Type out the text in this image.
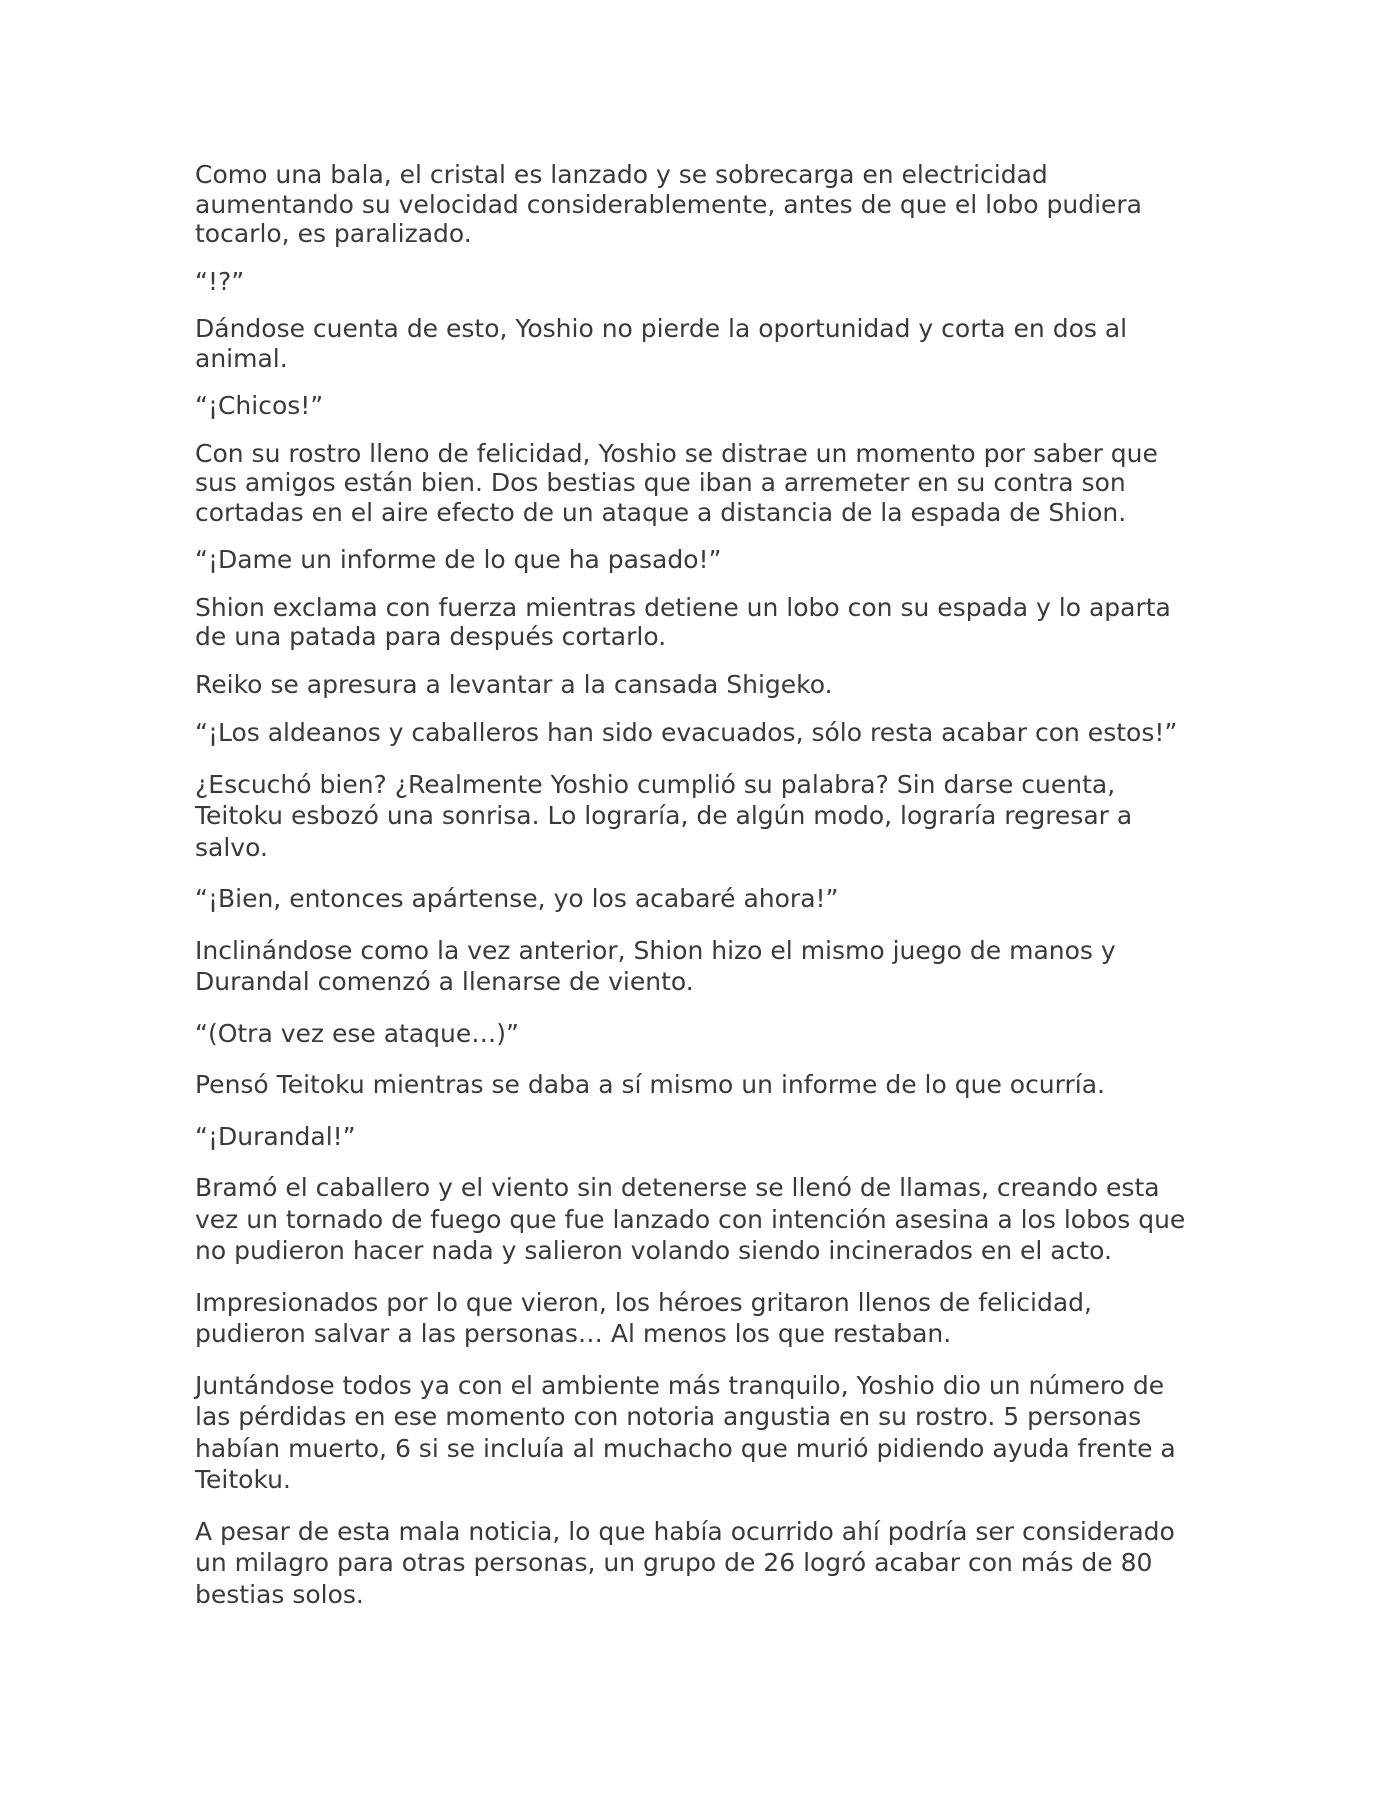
Como una bala, el cristal es lanzado y se sobrecarga en electricidad aumentando su velocidad considerablemente, antes de que el lobo pudiera tocarlo, es paralizado.

“!?”

Dándose cuenta de esto, Yoshio no pierde la oportunidad y corta en dos al animal.

“¡Chicos!”

Con su rostro lleno de felicidad, Yoshio se distrae un momento por saber que sus amigos están bien. Dos bestias que iban a arremeter en su contra son cortadas en el aire efecto de un ataque a distancia de la espada de Shion.

“¡Dame un informe de lo que ha pasado!”

Shion exclama con fuerza mientras detiene un lobo con su espada y lo aparta de una patada para después cortarlo.

Reiko se apresura a levantar a la cansada Shigeko.

“¡Los aldeanos y caballeros han sido evacuados, sólo resta acabar con estos!”

¿Escuchó bien? ¿Realmente Yoshio cumplió su palabra? Sin darse cuenta, Teitoku esbozó una sonrisa. Lo lograría, de algún modo, lograría regresar a salvo.

“¡Bien, entonces apártense, yo los acabaré ahora!”

Inclinándose como la vez anterior, Shion hizo el mismo juego de manos y Durandal comenzó a llenarse de viento.

“(Otra vez ese ataque…)”

Pensó Teitoku mientras se daba a sí mismo un informe de lo que ocurría.

“¡Durandal!”

Bramó el caballero y el viento sin detenerse se llenó de llamas, creando esta vez un tornado de fuego que fue lanzado con intención asesina a los lobos que no pudieron hacer nada y salieron volando siendo incinerados en el acto.

Impresionados por lo que vieron, los héroes gritaron llenos de felicidad, pudieron salvar a las personas… Al menos los que restaban.

Juntándose todos ya con el ambiente más tranquilo, Yoshio dio un número de las pérdidas en ese momento con notoria angustia en su rostro. 5 personas habían muerto, 6 si se incluía al muchacho que murió pidiendo ayuda frente a Teitoku.

A pesar de esta mala noticia, lo que había ocurrido ahí podría ser considerado un milagro para otras personas, un grupo de 26 logró acabar con más de 80 bestias solos.
